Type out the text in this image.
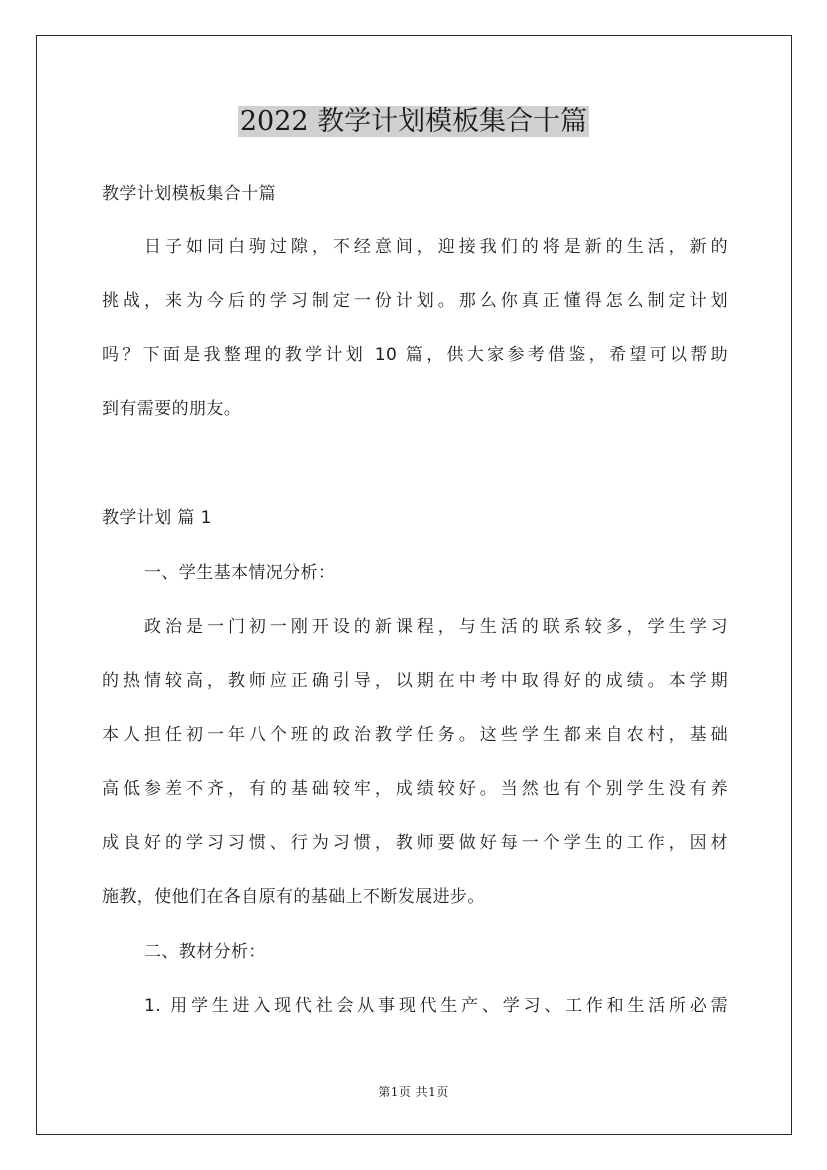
2022 教学计划模板集合十篇
教学计划模板集合十篇
日子如同白驹过隙，不经意间，迎接我们的将是新的生活，新的
挑战，来为今后的学习制定一份计划。那么你真正懂得怎么制定计划
吗？下面是我整理的教学计划 10 篇，供大家参考借鉴，希望可以帮助
到有需要的朋友。
教学计划 篇 1
一、学生基本情况分析：
政治是一门初一刚开设的新课程，与生活的联系较多，学生学习
的热情较高，教师应正确引导，以期在中考中取得好的成绩。本学期
本人担任初一年八个班的政治教学任务。这些学生都来自农村，基础
高低参差不齐，有的基础较牢，成绩较好。当然也有个别学生没有养
成良好的学习习惯、行为习惯，教师要做好每一个学生的工作，因材
施教，使他们在各自原有的基础上不断发展进步。
二、教材分析：
1. 用学生进入现代社会从事现代生产、学习、工作和生活所必需
第1页 共1页
